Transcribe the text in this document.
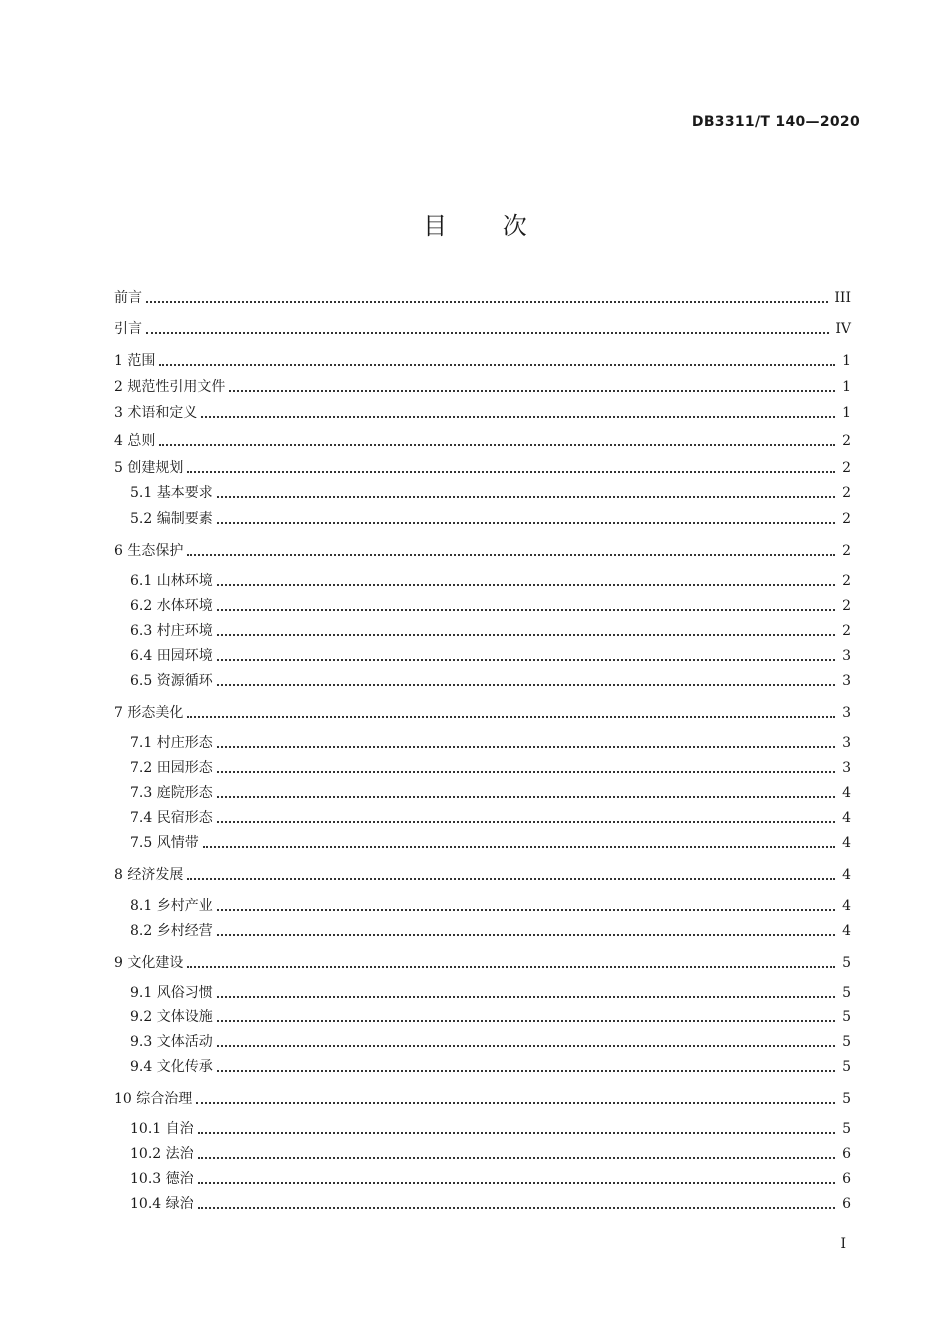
DB3311/T 140—2020
目 次
前言	III
引言	IV
1 范围	1
2 规范性引用文件	1
3 术语和定义	1
4 总则	2
5 创建规划	2
5.1 基本要求	2
5.2 编制要素	2
6 生态保护	2
6.1 山林环境	2
6.2 水体环境	2
6.3 村庄环境	2
6.4 田园环境	3
6.5 资源循环	3
7 形态美化	3
7.1 村庄形态	3
7.2 田园形态	3
7.3 庭院形态	4
7.4 民宿形态	4
7.5 风情带	4
8 经济发展	4
8.1 乡村产业	4
8.2 乡村经营	4
9 文化建设	5
9.1 风俗习惯	5
9.2 文体设施	5
9.3 文体活动	5
9.4 文化传承	5
10 综合治理	5
10.1 自治	5
10.2 法治	6
10.3 德治	6
10.4 绿治	6
I
